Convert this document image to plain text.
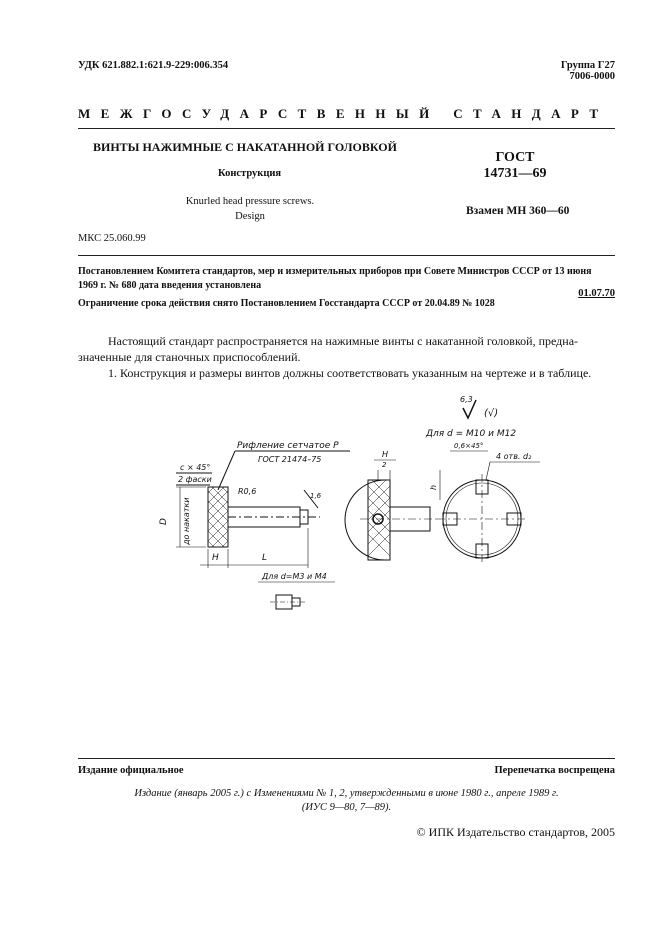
УДК 621.882.1:621.9-229:006.354	Группа Г27
7006-0000
МЕЖГОСУДАРСТВЕННЫЙ СТАНДАРТ
ВИНТЫ НАЖИМНЫЕ С НАКАТАННОЙ ГОЛОВКОЙ
Конструкция
Knurled head pressure screws.
Design
ГОСТ
14731—69
Взамен МН 360—60
МКС 25.060.99
Постановлением Комитета стандартов, мер и измерительных приборов при Совете Министров СССР от 13 июня
1969 г. № 680 дата введения установлена
01.07.70
Ограничение срока действия снято Постановлением Госстандарта СССР от 20.04.89 № 1028
Настоящий стандарт распространяется на нажимные винты с накатанной головкой, предна-
значенные для станочных приспособлений.
1. Конструкция и размеры винтов должны соответствовать указанным на чертеже и в таблице.
6,3
(√)
Рифление сетчатое Р
ГОСТ 21474–75
с × 45°
2 фаски
R0,6	1,6
D до накатки
H	L
Для d=M3 и M4
H
2
Для d = M10 и M12
0,6×45°
4 отв. d₂
h
Издание официальное	Перепечатка воспрещена
Издание (январь 2005 г.) с Изменениями № 1, 2, утвержденными в июне 1980 г., апреле 1989 г.
(ИУС 9—80, 7—89).
© ИПК Издательство стандартов, 2005
